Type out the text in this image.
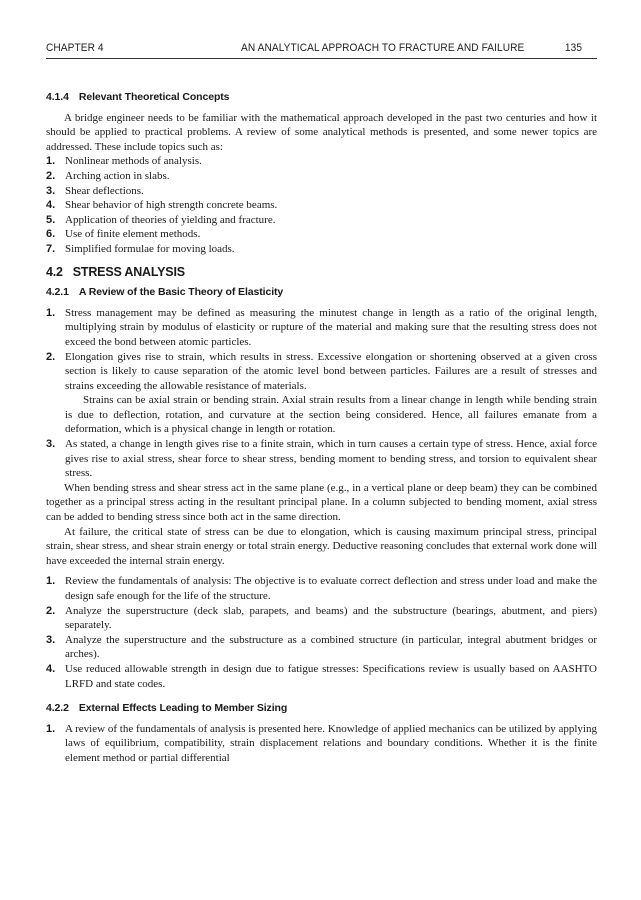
CHAPTER 4	AN ANALYTICAL APPROACH TO FRACTURE AND FAILURE	135
4.1.4 Relevant Theoretical Concepts

A bridge engineer needs to be familiar with the mathematical approach developed in the past two centuries and how it should be applied to practical problems. A review of some analytical methods is presented, and some newer topics are addressed. These include topics such as:

1. Nonlinear methods of analysis.
2. Arching action in slabs.
3. Shear deflections.
4. Shear behavior of high strength concrete beams.
5. Application of theories of yielding and fracture.
6. Use of finite element methods.
7. Simplified formulae for moving loads.
4.2 STRESS ANALYSIS
4.2.1 A Review of the Basic Theory of Elasticity
1. Stress management may be defined as measuring the minutest change in length as a ratio of the original length, multiplying strain by modulus of elasticity or rupture of the material and making sure that the resulting stress does not exceed the bond between atomic particles.
2. Elongation gives rise to strain, which results in stress. Excessive elongation or shortening observed at a given cross section is likely to cause separation of the atomic level bond between particles. Failures are a result of stresses and strains exceeding the allowable resistance of materials.

Strains can be axial strain or bending strain. Axial strain results from a linear change in length while bending strain is due to deflection, rotation, and curvature at the section being considered. Hence, all failures emanate from a deformation, which is a physical change in length or rotation.

3. As stated, a change in length gives rise to a finite strain, which in turn causes a certain type of stress. Hence, axial force gives rise to axial stress, shear force to shear stress, bending moment to bending stress, and torsion to equivalent shear stress.

When bending stress and shear stress act in the same plane (e.g., in a vertical plane or deep beam) they can be combined together as a principal stress acting in the resultant principal plane. In a column subjected to bending moment, axial stress can be added to bending stress since both act in the same direction.

At failure, the critical state of stress can be due to elongation, which is causing maximum principal stress, principal strain, shear stress, and shear strain energy or total strain energy. Deductive reasoning concludes that external work done will have exceeded the internal strain energy.

1. Review the fundamentals of analysis: The objective is to evaluate correct deflection and stress under load and make the design safe enough for the life of the structure.
2. Analyze the superstructure (deck slab, parapets, and beams) and the substructure (bearings, abutment, and piers) separately.
3. Analyze the superstructure and the substructure as a combined structure (in particular, integral abutment bridges or arches).
4. Use reduced allowable strength in design due to fatigue stresses: Specifications review is usually based on AASHTO LRFD and state codes.
4.2.2 External Effects Leading to Member Sizing
1. A review of the fundamentals of analysis is presented here. Knowledge of applied mechanics can be utilized by applying laws of equilibrium, compatibility, strain displacement relations and boundary conditions. Whether it is the finite element method or partial differential
